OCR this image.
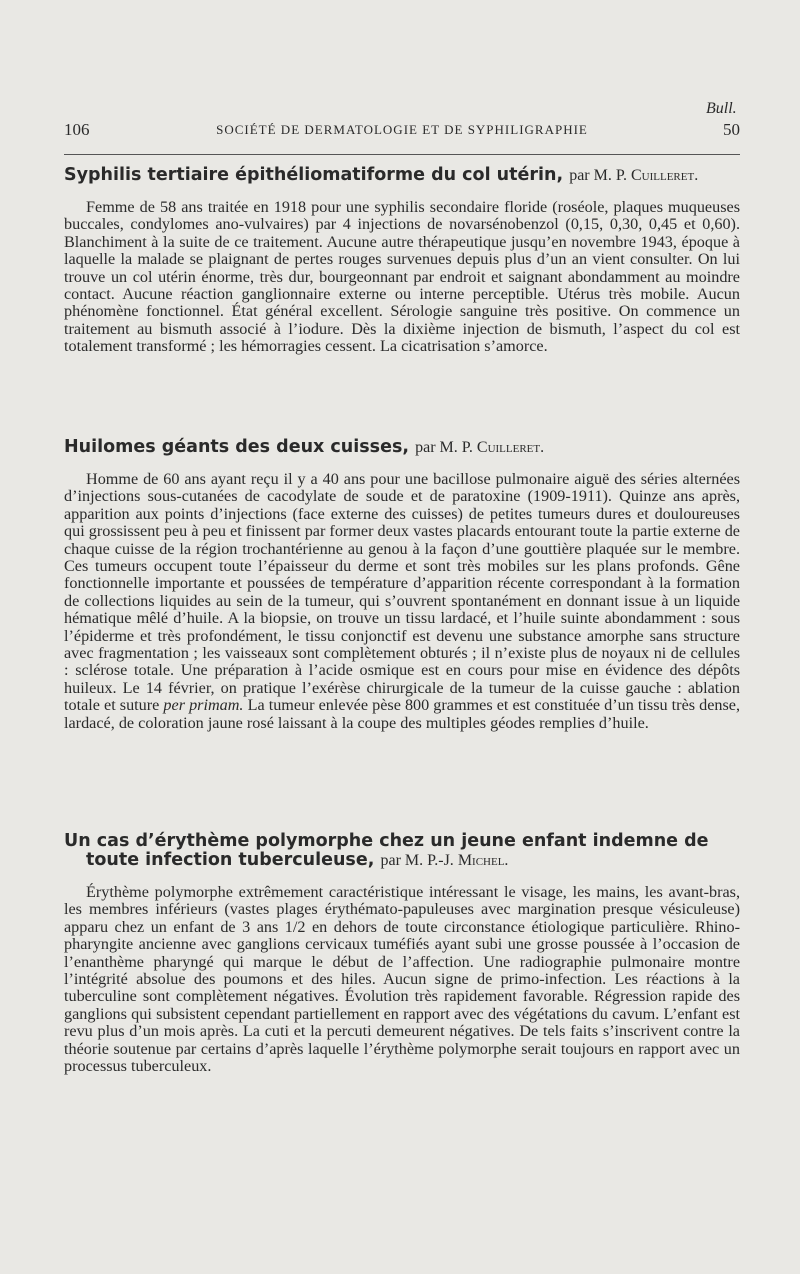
Bull.
106	SOCIÉTÉ DE DERMATOLOGIE ET DE SYPHILIGRAPHIE	50
Syphilis tertiaire épithéliomatiforme du col utérin, par M. P. Cuilleret.

Femme de 58 ans traitée en 1918 pour une syphilis secondaire floride (roséole, plaques muqueuses buccales, condylomes ano-vulvaires) par 4 injections de novarsénobenzol (0,15, 0,30, 0,45 et 0,60). Blanchiment à la suite de ce traitement. Aucune autre thérapeutique jusqu’en novembre 1943, époque à laquelle la malade se plaignant de pertes rouges survenues depuis plus d’un an vient consulter. On lui trouve un col utérin énorme, très dur, bourgeonnant par endroit et saignant abondamment au moindre contact. Aucune réaction ganglionnaire externe ou interne perceptible. Utérus très mobile. Aucun phénomène fonctionnel. État général excellent. Sérologie sanguine très positive. On commence un traitement au bismuth associé à l’iodure. Dès la dixième injection de bismuth, l’aspect du col est totalement transformé ; les hémorragies cessent. La cicatrisation s’amorce.

Huilomes géants des deux cuisses, par M. P. Cuilleret.

Homme de 60 ans ayant reçu il y a 40 ans pour une bacillose pulmonaire aiguë des séries alternées d’injections sous-cutanées de cacodylate de soude et de paratoxine (1909-1911). Quinze ans après, apparition aux points d’injections (face externe des cuisses) de petites tumeurs dures et douloureuses qui grossissent peu à peu et finissent par former deux vastes placards entourant toute la partie externe de chaque cuisse de la région trochantérienne au genou à la façon d’une gouttière plaquée sur le membre. Ces tumeurs occupent toute l’épaisseur du derme et sont très mobiles sur les plans profonds. Gêne fonctionnelle importante et poussées de température d’apparition récente correspondant à la formation de collections liquides au sein de la tumeur, qui s’ouvrent spontanément en donnant issue à un liquide hématique mêlé d’huile. A la biopsie, on trouve un tissu lardacé, et l’huile suinte abondamment : sous l’épiderme et très profondément, le tissu conjonctif est devenu une substance amorphe sans structure avec fragmentation ; les vaisseaux sont complètement obturés ; il n’existe plus de noyaux ni de cellules : sclérose totale. Une préparation à l’acide osmique est en cours pour mise en évidence des dépôts huileux. Le 14 février, on pratique l’exérèse chirurgicale de la tumeur de la cuisse gauche : ablation totale et suture per primam. La tumeur enlevée pèse 800 grammes et est constituée d’un tissu très dense, lardacé, de coloration jaune rosé laissant à la coupe des multiples géodes remplies d’huile.

Un cas d’érythème polymorphe chez un jeune enfant indemne de toute infection tuberculeuse, par M. P.-J. Michel.

Érythème polymorphe extrêmement caractéristique intéressant le visage, les mains, les avant-bras, les membres inférieurs (vastes plages érythémato-papuleuses avec margination presque vésiculeuse) apparu chez un enfant de 3 ans 1/2 en dehors de toute circonstance étiologique particulière. Rhino-pharyngite ancienne avec ganglions cervicaux tuméfiés ayant subi une grosse poussée à l’occasion de l’enanthème pharyngé qui marque le début de l’affection. Une radiographie pulmonaire montre l’intégrité absolue des poumons et des hiles. Aucun signe de primo-infection. Les réactions à la tuberculine sont complètement négatives. Évolution très rapidement favorable. Régression rapide des ganglions qui subsistent cependant partiellement en rapport avec des végétations du cavum. L’enfant est revu plus d’un mois après. La cuti et la percuti demeurent négatives. De tels faits s’inscrivent contre la théorie soutenue par certains d’après laquelle l’érythème polymorphe serait toujours en rapport avec un processus tuberculeux.
